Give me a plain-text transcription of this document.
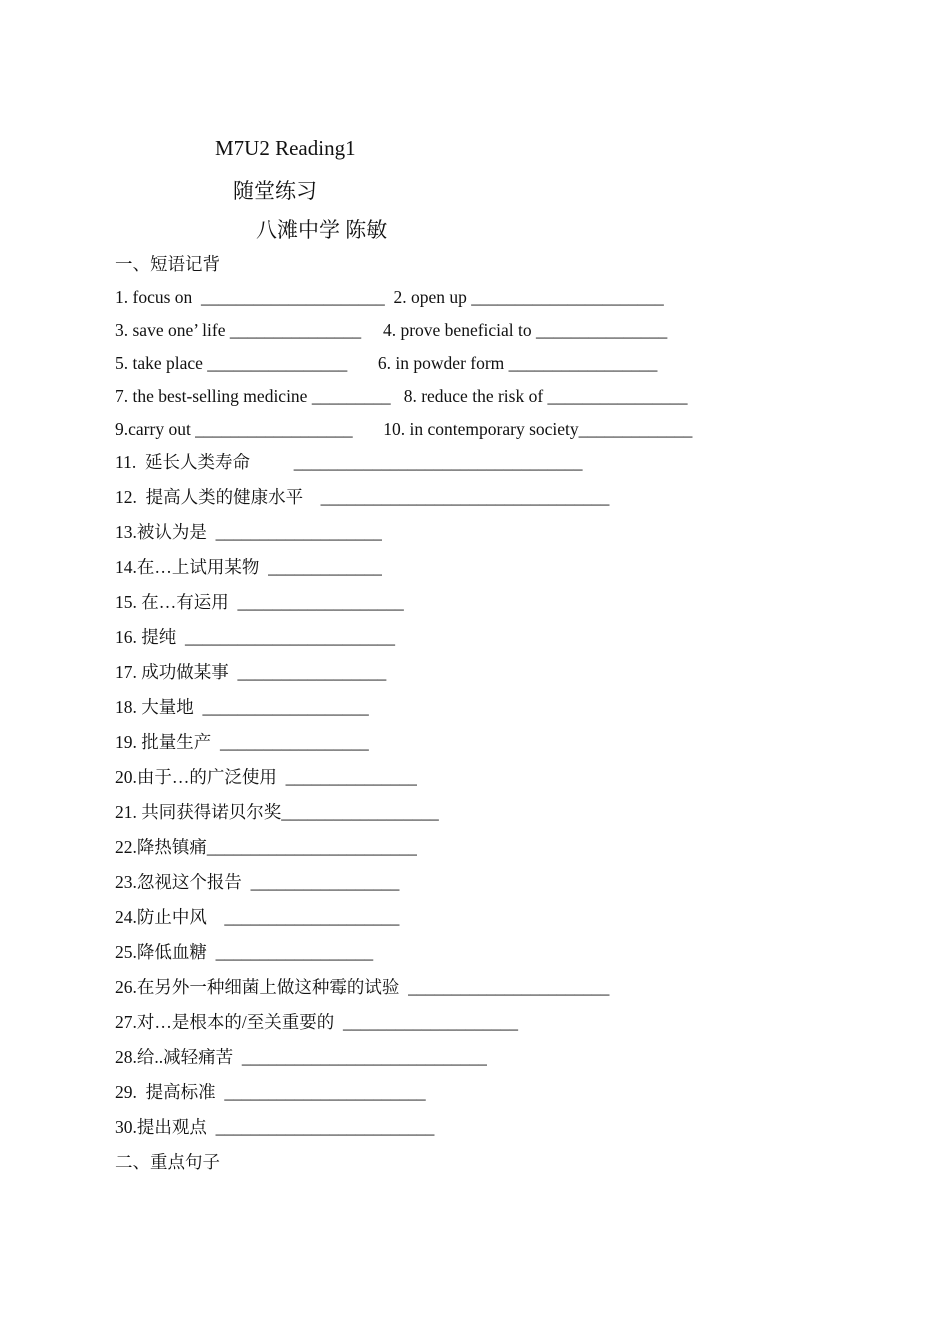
M7U2 Reading1
随堂练习
八滩中学 陈敏
一、短语记背
1. focus on  _____________________  2. open up ______________________
3. save one’ life _______________     4. prove beneficial to _______________
5. take place ________________       6. in powder form _________________
7. the best-selling medicine _________   8. reduce the risk of ________________
9.carry out __________________       10. in contemporary society_____________
11.  延长人类寿命          _________________________________
12.  提高人类的健康水平    _________________________________
13.被认为是  ___________________
14.在…上试用某物  _____________
15. 在…有运用  ___________________
16. 提纯  ________________________
17. 成功做某事  _________________
18. 大量地  ___________________
19. 批量生产  _________________
20.由于…的广泛使用  _______________
21. 共同获得诺贝尔奖__________________
22.降热镇痛________________________
23.忽视这个报告  _________________
24.防止中风    ____________________
25.降低血糖  __________________
26.在另外一种细菌上做这种霉的试验  _______________________
27.对…是根本的/至关重要的  ____________________
28.给..减轻痛苦  ____________________________
29.  提高标准  _______________________
30.提出观点  _________________________
二、重点句子
